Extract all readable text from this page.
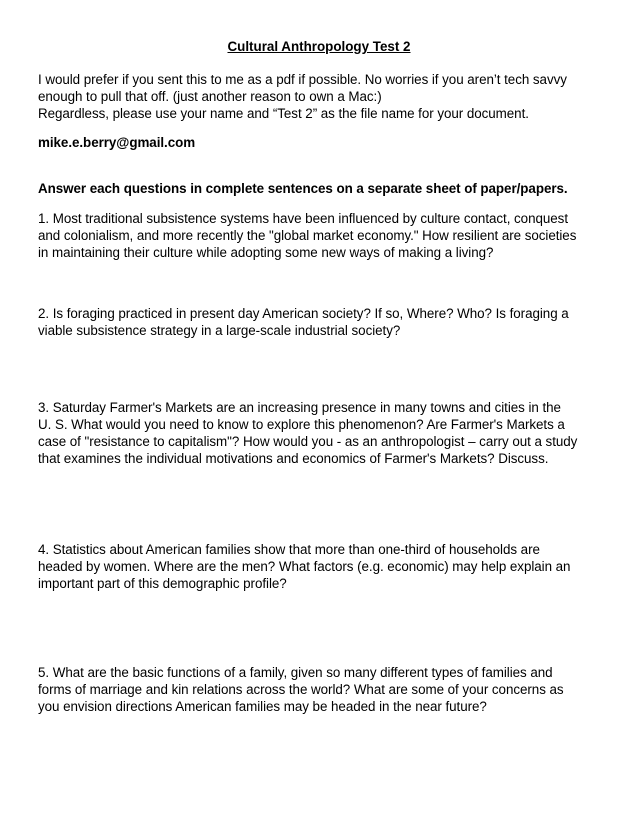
Cultural Anthropology Test 2
I would prefer if you sent this to me as a pdf if possible. No worries if you aren’t tech savvy
enough to pull that off. (just another reason to own a Mac:)
Regardless, please use your name and “Test 2” as the file name for your document.
mike.e.berry@gmail.com
Answer each questions in complete sentences on a separate sheet of paper/papers.
1. Most traditional subsistence systems have been influenced by culture contact, conquest
and colonialism, and more recently the "global market economy." How resilient are societies
in maintaining their culture while adopting some new ways of making a living?
2. Is foraging practiced in present day American society? If so, Where? Who? Is foraging a
viable subsistence strategy in a large-scale industrial society?
3. Saturday Farmer's Markets are an increasing presence in many towns and cities in the
U. S. What would you need to know to explore this phenomenon? Are Farmer's Markets a
case of "resistance to capitalism"? How would you - as an anthropologist – carry out a study
that examines the individual motivations and economics of Farmer's Markets? Discuss.
4. Statistics about American families show that more than one-third of households are
headed by women. Where are the men? What factors (e.g. economic) may help explain an
important part of this demographic profile?
5. What are the basic functions of a family, given so many different types of families and
forms of marriage and kin relations across the world? What are some of your concerns as
you envision directions American families may be headed in the near future?
